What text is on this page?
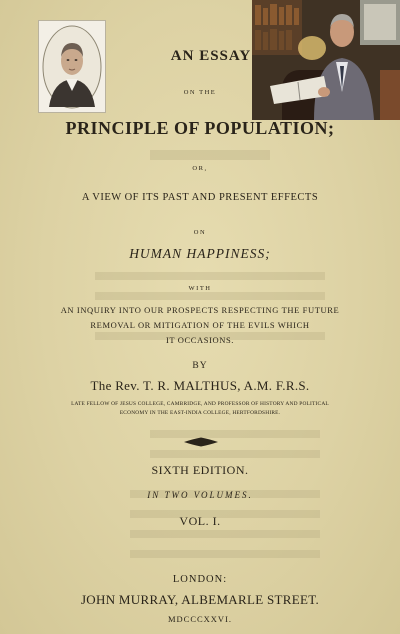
AN ESSAY
ON THE
PRINCIPLE OF POPULATION;
OR,
A VIEW OF ITS PAST AND PRESENT EFFECTS
ON
HUMAN HAPPINESS;
WITH
AN INQUIRY INTO OUR PROSPECTS RESPECTING THE FUTURE
REMOVAL OR MITIGATION OF THE EVILS WHICH
IT OCCASIONS.
BY
The Rev. T. R. MALTHUS, A.M. F.R.S.
LATE FELLOW OF JESUS COLLEGE, CAMBRIDGE, AND PROFESSOR OF HISTORY AND POLITICAL
ECONOMY IN THE EAST-INDIA COLLEGE, HERTFORDSHIRE.
SIXTH EDITION.
IN TWO VOLUMES.
VOL. I.
LONDON:
JOHN MURRAY, ALBEMARLE STREET.
MDCCCXXVI.
